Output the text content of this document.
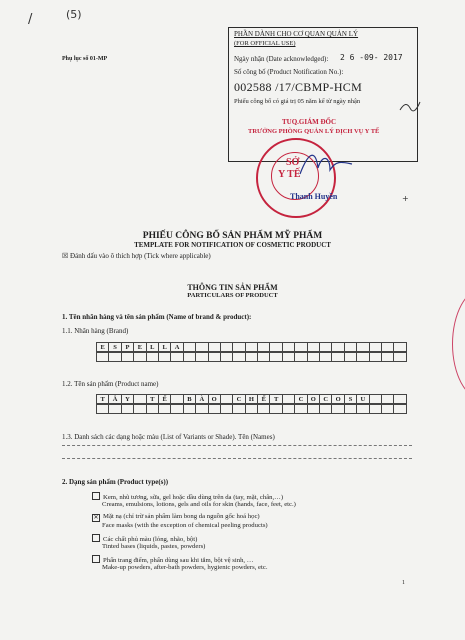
/	(5)
Phụ lục số 01-MP
PHẦN DÀNH CHO CƠ QUAN QUẢN LÝ
(FOR OFFICIAL USE)
Ngày nhận (Date acknowledged): 2 6 -09- 2017
Số công bố (Product Notification No.):
002588 /17/CBMP-HCM
Phiếu công bố có giá trị 05 năm kể từ ngày nhận
TUQ.GIÁM ĐỐC
TRƯỞNG PHÒNG QUẢN LÝ DỊCH VỤ Y TẾ
SỞ
Y TẾ
Thanh Huyền	+
PHIẾU CÔNG BỐ SẢN PHẨM MỸ PHẨM
TEMPLATE FOR NOTIFICATION OF COSMETIC PRODUCT
☒ Đánh dấu vào ô thích hợp (Tick where applicable)
THÔNG TIN SẢN PHẨM
PARTICULARS OF PRODUCT
1. Tên nhãn hàng và tên sản phẩm (Name of brand & product):
1.1. Nhãn hàng (Brand)
E	S	P	E	L	L	A
1.2. Tên sản phẩm (Product name)
T	Â	Y	T	Ế	B	À	O	C	H	Ế	T	C	O	C	O	S	U
1.3. Danh sách các dạng hoặc màu (List of Variants or Shade). Tên (Names)
2. Dạng sản phẩm (Product type(s))
Kem, nhũ tương, sữa, gel hoặc dầu dùng trên da (tay, mặt, chân,…)
Creams, emulsions, lotions, gels and oils for skin (hands, face, feet, etc.)
✕ Mặt nạ (chỉ trừ sản phẩm làm bong da nguồn gốc hoá học)
Face masks (with the exception of chemical peeling products)
Các chất phủ màu (lỏng, nhão, bột)
Tinted bases (liquids, pastes, powders)
Phấn trang điểm, phấn dùng sau khi tắm, bột vệ sinh, …
Make-up powders, after-bath powders, hygienic powders, etc.
1
